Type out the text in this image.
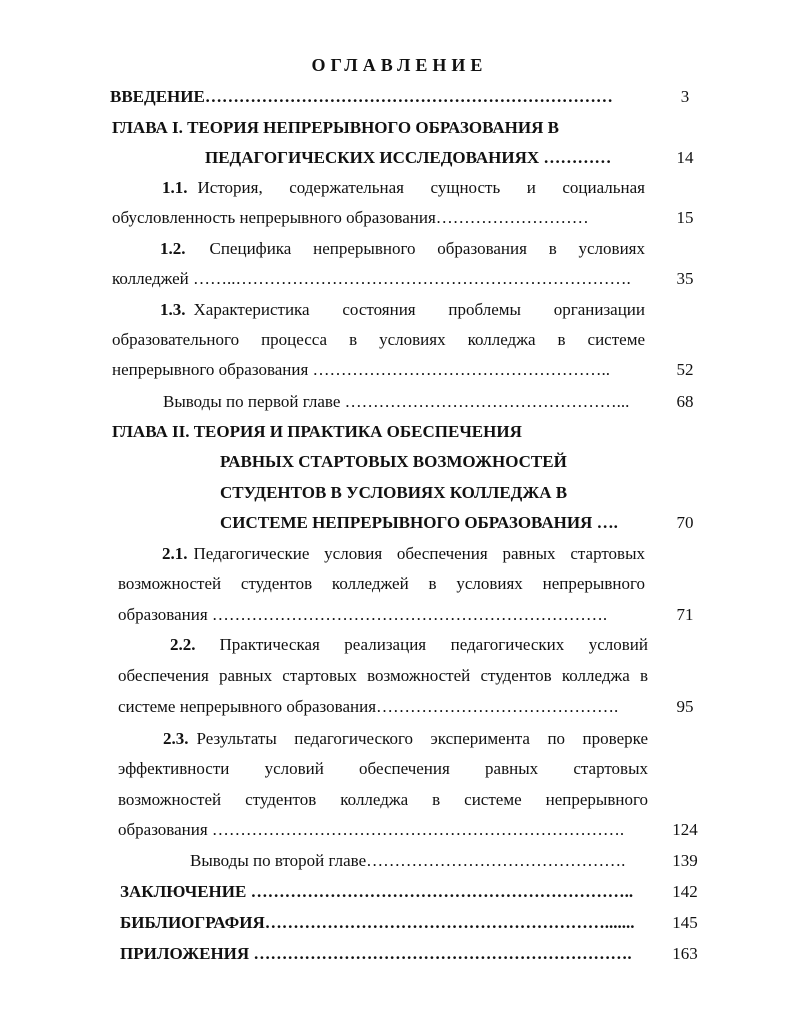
ОГЛАВЛЕНИЕ
ВВЕДЕНИЕ………………………………………………………………	3
ГЛАВА I. ТЕОРИЯ НЕПРЕРЫВНОГО ОБРАЗОВАНИЯ В
ПЕДАГОГИЧЕСКИХ ИССЛЕДОВАНИЯХ …………	14
1.1. История, содержательная сущность и социальная
обусловленность непрерывного образования………………………	15
1.2. Специфика непрерывного образования в условиях
колледжей ……..…………………………………………………………….	35
1.3. Характеристика состояния проблемы организации
образовательного процесса в условиях колледжа в системе
непрерывного образования ……………………………………………..	52
Выводы по первой главе …………………………………………...	68
ГЛАВА II. ТЕОРИЯ И ПРАКТИКА ОБЕСПЕЧЕНИЯ
РАВНЫХ СТАРТОВЫХ ВОЗМОЖНОСТЕЙ
СТУДЕНТОВ В УСЛОВИЯХ КОЛЛЕДЖА В
СИСТЕМЕ НЕПРЕРЫВНОГО ОБРАЗОВАНИЯ ….	70
2.1. Педагогические условия обеспечения равных стартовых
возможностей студентов колледжей в условиях непрерывного
образования …………………………………………………………….	71
2.2. Практическая реализация педагогических условий
обеспечения равных стартовых возможностей студентов колледжа в
системе непрерывного образования…………………………………….	95
2.3. Результаты педагогического эксперимента по проверке
эффективности условий обеспечения равных стартовых
возможностей студентов колледжа в системе непрерывного
образования ……………………………………………………………….	124
Выводы по второй главе……………………………………….	139
ЗАКЛЮЧЕНИЕ …………………………………………………………..	142
БИБЛИОГРАФИЯ…………………………………………………….......	145
ПРИЛОЖЕНИЯ ………………………………………………………….	163
